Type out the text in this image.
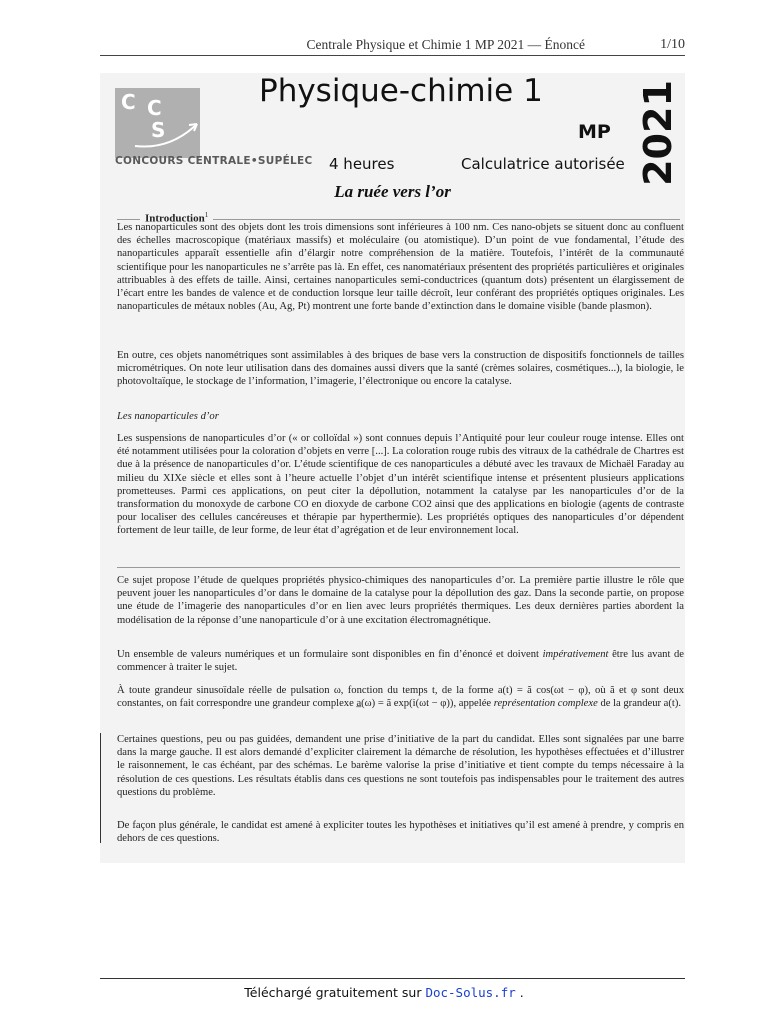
Centrale Physique et Chimie 1 MP 2021 — Énoncé	1/10
C C
S
CONCOURS CENTRALE•SUPÉLEC
Physique-chimie 1
MP
4 heures	Calculatrice autorisée 2021
La ruée vers l’or
Introduction$^1$

Les nanoparticules sont des objets dont les trois dimensions sont inférieures à 100 nm. Ces nano-objets se situent donc au confluent des échelles macroscopique (matériaux massifs) et moléculaire (ou atomistique). D’un point de vue fondamental, l’étude des nanoparticules apparaît essentielle afin d’élargir notre compréhension de la matière. Toutefois, l’intérêt de la communauté scientifique pour les nanoparticules ne s’arrête pas là. En effet, ces nanomatériaux présentent des propriétés particulières et originales attribuables à des effets de taille. Ainsi, certaines nanoparticules semi-conductrices (quantum dots) présentent un élargissement de l’écart entre les bandes de valence et de conduction lorsque leur taille décroît, leur conférant des propriétés optiques originales. Les nanoparticules de métaux nobles (Au, Ag, Pt) montrent une forte bande d’extinction dans le domaine visible (bande plasmon).

En outre, ces objets nanométriques sont assimilables à des briques de base vers la construction de dispositifs fonctionnels de tailles micrométriques. On note leur utilisation dans des domaines aussi divers que la santé (crèmes solaires, cosmétiques...), la biologie, le photovoltaïque, le stockage de l’information, l’imagerie, l’électronique ou encore la catalyse.

Les nanoparticules d’or

Les suspensions de nanoparticules d’or (« or colloïdal ») sont connues depuis l’Antiquité pour leur couleur rouge intense. Elles ont été notamment utilisées pour la coloration d’objets en verre [...]. La coloration rouge rubis des vitraux de la cathédrale de Chartres est due à la présence de nanoparticules d’or. L’étude scientifique de ces nanoparticules a débuté avec les travaux de Michaël Faraday au milieu du XIXe siècle et elles sont à l’heure actuelle l’objet d’un intérêt scientifique intense et présentent plusieurs applications prometteuses. Parmi ces applications, on peut citer la dépollution, notamment la catalyse par les nanoparticules d’or de la transformation du monoxyde de carbone CO en dioxyde de carbone CO2 ainsi que des applications en biologie (agents de contraste pour localiser des cellules cancéreuses et thérapie par hyperthermie). Les propriétés optiques des nanoparticules d’or dépendent fortement de leur taille, de leur forme, de leur état d’agrégation et de leur environnement local.

Ce sujet propose l’étude de quelques propriétés physico-chimiques des nanoparticules d’or. La première partie illustre le rôle que peuvent jouer les nanoparticules d’or dans le domaine de la catalyse pour la dépollution des gaz. Dans la seconde partie, on propose une étude de l’imagerie des nanoparticules d’or en lien avec leurs propriétés thermiques. Les deux dernières parties abordent la modélisation de la réponse d’une nanoparticule d’or à une excitation électromagnétique.

Un ensemble de valeurs numériques et un formulaire sont disponibles en fin d’énoncé et doivent impérativement être lus avant de commencer à traiter le sujet.

À toute grandeur sinusoïdale réelle de pulsation ω, fonction du temps t, de la forme a(t) = ã cos(ωt − φ), où ã et φ sont deux constantes, on fait correspondre une grandeur complexe a̲(ω) = ã exp(i(ωt − φ)), appelée représentation complexe de la grandeur a(t).

Certaines questions, peu ou pas guidées, demandent une prise d’initiative de la part du candidat. Elles sont signalées par une barre dans la marge gauche. Il est alors demandé d’expliciter clairement la démarche de résolution, les hypothèses effectuées et d’illustrer le raisonnement, le cas échéant, par des schémas. Le barème valorise la prise d’initiative et tient compte du temps nécessaire à la résolution de ces questions. Les résultats établis dans ces questions ne sont toutefois pas indispensables pour le traitement des autres questions du problème.

De façon plus générale, le candidat est amené à expliciter toutes les hypothèses et initiatives qu’il est amené à prendre, y compris en dehors de ces questions.

Téléchargé gratuitement sur Doc-Solus.fr .
